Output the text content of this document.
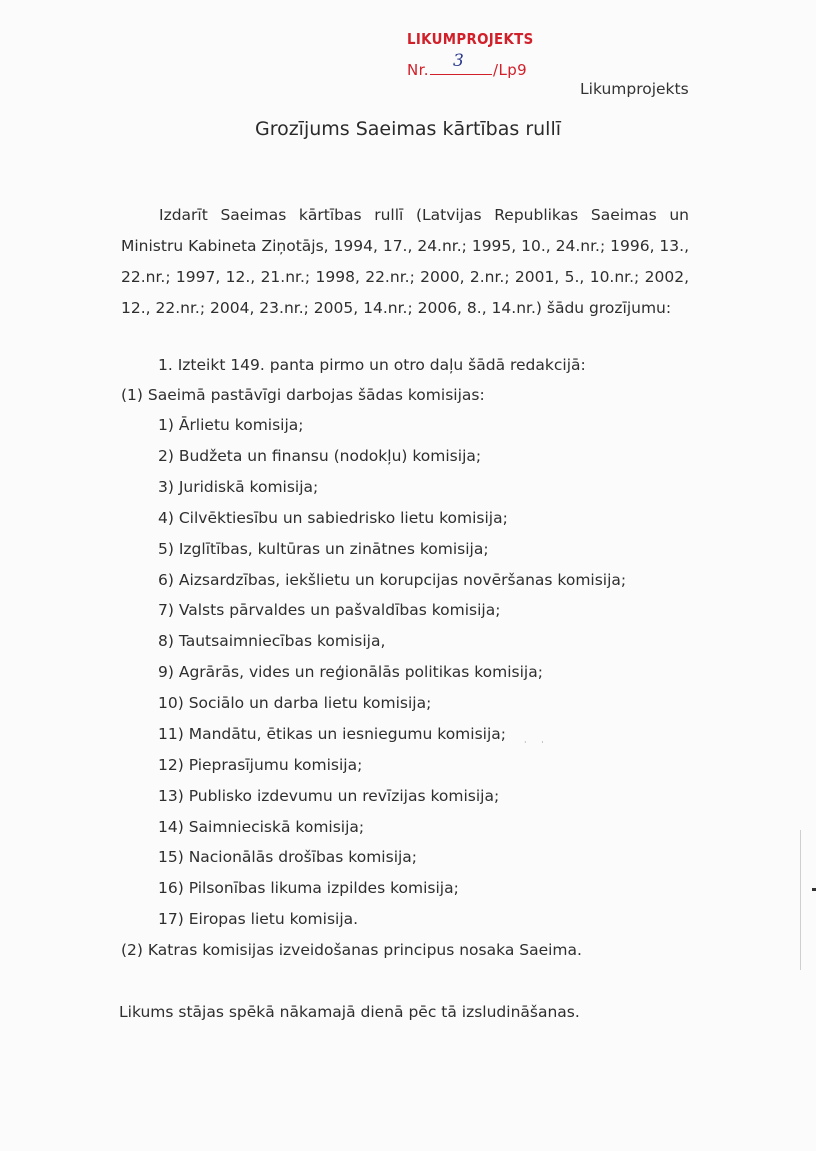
LIKUMPROJEKTS
Nr. 3 /Lp9
Likumprojekts
Grozījums Saeimas kārtības rullī
Izdarīt Saeimas kārtības rullī (Latvijas Republikas Saeimas un Ministru Kabineta Ziņotājs, 1994, 17., 24.nr.; 1995, 10., 24.nr.; 1996, 13., 22.nr.; 1997, 12., 21.nr.; 1998, 22.nr.; 2000, 2.nr.; 2001, 5., 10.nr.; 2002, 12., 22.nr.; 2004, 23.nr.; 2005, 14.nr.; 2006, 8., 14.nr.) šādu grozījumu:
1. Izteikt 149. panta pirmo un otro daļu šādā redakcijā:
(1) Saeimā pastāvīgi darbojas šādas komisijas:
1) Ārlietu komisija;
2) Budžeta un finansu (nodokļu) komisija;
3) Juridiskā komisija;
4) Cilvēktiesību un sabiedrisko lietu komisija;
5) Izglītības, kultūras un zinātnes komisija;
6) Aizsardzības, iekšlietu un korupcijas novēršanas komisija;
7) Valsts pārvaldes un pašvaldības komisija;
8) Tautsaimniecības komisija,
9) Agrārās, vides un reģionālās politikas komisija;
10) Sociālo un darba lietu komisija;
11) Mandātu, ētikas un iesniegumu komisija;
12) Pieprasījumu komisija;
13) Publisko izdevumu un revīzijas komisija;
14) Saimnieciskā komisija;
15) Nacionālās drošības komisija;
16) Pilsonības likuma izpildes komisija;
17) Eiropas lietu komisija.
· ·
(2) Katras komisijas izveidošanas principus nosaka Saeima.
Likums stājas spēkā nākamajā dienā pēc tā izsludināšanas.
